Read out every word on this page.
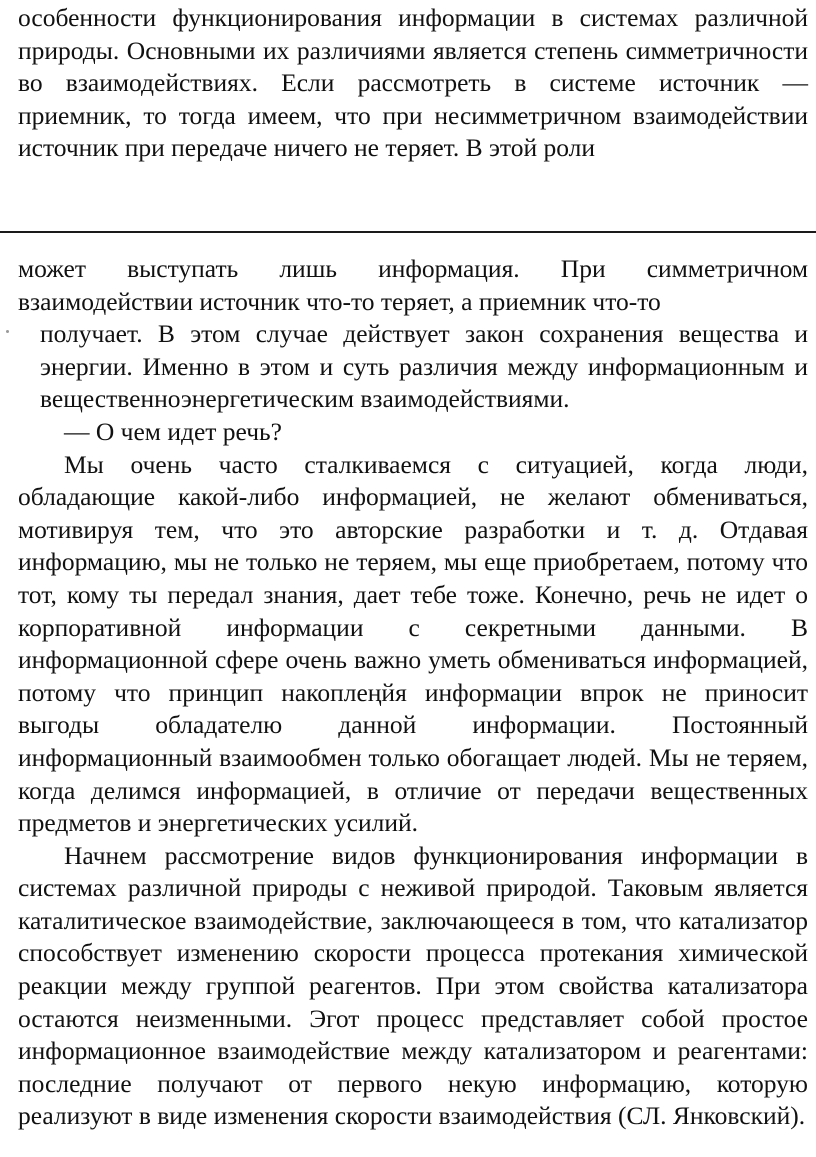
особенности функционирования информации в системах различной природы. Основными их различиями является степень симметричности во взаимодействиях. Если рассмотреть в системе источник — приемник, то тогда имеем, что при несимметричном взаимодействии источник при передаче ничего не теряет. В этой роли

может выступать лишь информация. При симметричном взаимодействии источник что-то теряет, а приемник что-то

получает. В этом случае действует закон сохранения вещества и энергии. Именно в этом и суть различия между информационным и вещественноэнергетическим взаимодействиями.

— О чем идет речь?

Мы очень часто сталкиваемся с ситуацией, когда люди, обладающие какой-либо информацией, не желают обмениваться, мотивируя тем, что это авторские разработки и т. д. Отдавая информацию, мы не только не теряем, мы еще приобретаем, потому что тот, кому ты передал знания, дает тебе тоже. Конечно, речь не идет о корпоративной информации с секретными данными. В информационной сфере очень важно уметь обмениваться информацией, потому что принцип накоплеңйя информации впрок не приносит выгоды обладателю данной информации. Постоянный информационный взаимообмен только обогащает людей. Мы не теряем, когда делимся информацией, в отличие от передачи вещественных предметов и энергетических усилий.

Начнем рассмотрение видов функционирования информации в системах различной природы с неживой природой. Таковым является каталитическое взаимодействие, заключающееся в том, что катализатор способствует изменению скорости процесса протекания химической реакции между группой реагентов. При этом свойства катализатора остаются неизменными. Эгот процесс представляет собой простое информационное взаимодействие между катализатором и реагентами: последние получают от первого некую информацию, которую реализуют в виде изменения скорости взаимодействия (СЛ. Янковский).
